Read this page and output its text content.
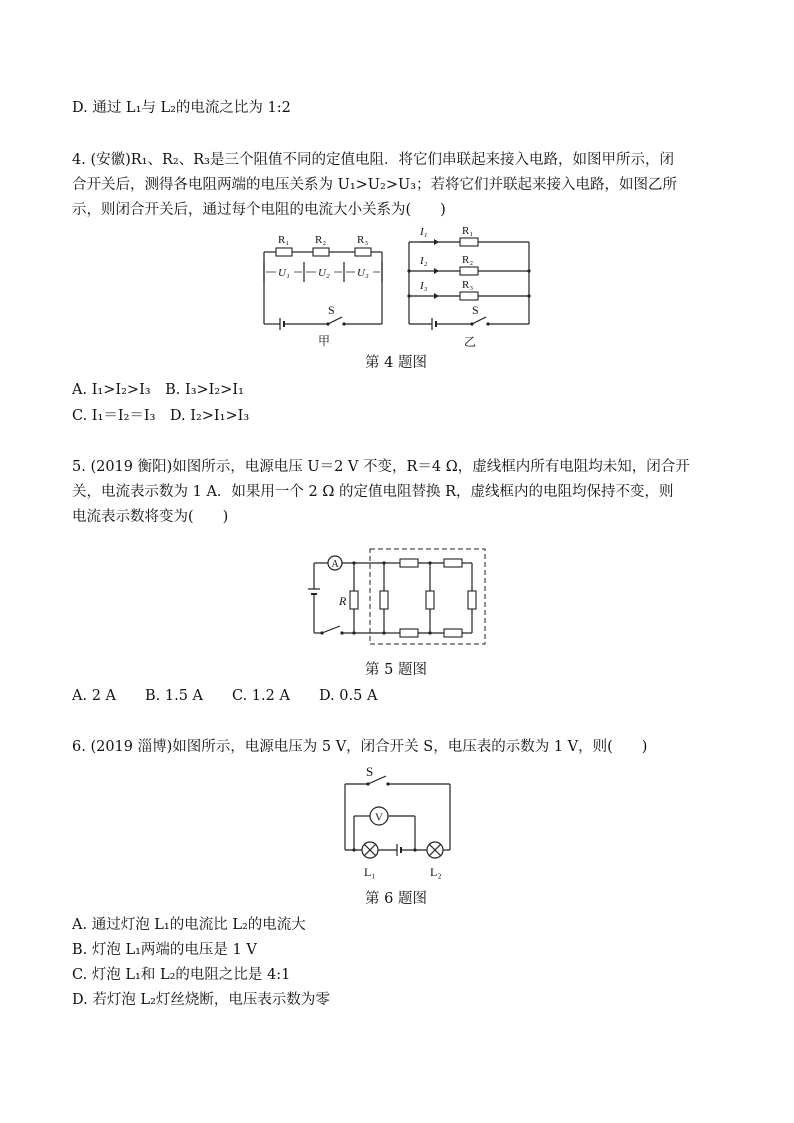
D. 通过 L₁与 L₂的电流之比为 1:2
4. (安徽)R₁、R₂、R₃是三个阻值不同的定值电阻．将它们串联起来接入电路，如图甲所示，闭
合开关后，测得各电阻两端的电压关系为 U₁>U₂>U₃；若将它们并联起来接入电路，如图乙所
示，则闭合开关后，通过每个电阻的电流大小关系为(　　)
R₁ R₂	R₃
S
U₁	U₂ U₃
甲
I₁
I₂
I₃
R₁
R₂
R₃
S
乙
第 4 题图
A. I₁>I₂>I₃　B. I₃>I₂>I₁
C. I₁＝I₂＝I₃　D. I₂>I₁>I₃
5. (2019 衡阳)如图所示，电源电压 U＝2 V 不变，R＝4 Ω，虚线框内所有电阻均未知，闭合开
关，电流表示数为 1 A．如果用一个 2 Ω 的定值电阻替换 R，虚线框内的电阻均保持不变，则
电流表示数将变为(　　)
A
R
第 5 题图
A. 2 A　　B. 1.5 A　　C. 1.2 A　　D. 0.5 A
6. (2019 淄博)如图所示，电源电压为 5 V，闭合开关 S，电压表的示数为 1 V，则(　　)
S
V
L₁	L₂
第 6 题图
A. 通过灯泡 L₁的电流比 L₂的电流大
B. 灯泡 L₁两端的电压是 1 V
C. 灯泡 L₁和 L₂的电阻之比是 4:1
D. 若灯泡 L₂灯丝烧断，电压表示数为零
